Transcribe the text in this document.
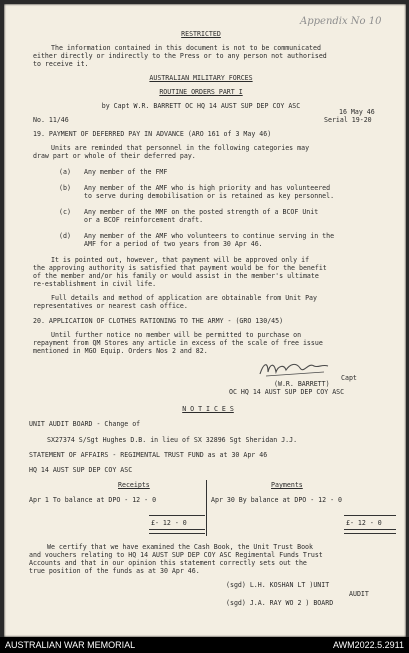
RESTRICTED
Appendix No 10
The information contained in this document is not to be communicated
either directly or indirectly to the Press or to any person not authorised
to receive it.
AUSTRALIAN MILITARY FORCES
ROUTINE ORDERS PART I
by Capt W.R. BARRETT OC HQ 14 AUST SUP DEP COY ASC
No. 11/46
16 May 46
Serial 19-20
19. PAYMENT OF DEFERRED PAY IN ADVANCE (ARO 161 of 3 May 46)
Units are reminded that personnel in the following categories may
draw part or whole of their deferred pay.
(a) Any member of the FMF
(b) Any member of the AMF who is high priority and has volunteered
to serve during demobilisation or is retained as key personnel.
(c) Any member of the MMF on the posted strength of a BCOF Unit
or a BCOF reinforcement draft.
(d) Any member of the AMF who volunteers to continue serving in the
AMF for a period of two years from 30 Apr 46.
It is pointed out, however, that payment will be approved only if
the approving authority is satisfied that payment would be for the benefit
of the member and/or his family or would assist in the member's ultimate
re-establishment in civil life.
Full details and method of application are obtainable from Unit Pay
representatives or nearest cash office.
20. APPLICATION OF CLOTHES RATIONING TO THE ARMY - (GRO 130/45)
Until further notice no member will be permitted to purchase on
repayment from QM Stores any article in excess of the scale of free issue
mentioned in MGO Equip. Orders Nos 2 and 82.
Capt
(W.R. BARRETT)
OC HQ 14 AUST SUP DEP COY ASC
N O T I C E S
UNIT AUDIT BOARD - Change of
SX27374 S/Sgt Hughes D.B. in lieu of SX 32896 Sgt Sheridan J.J.
STATEMENT OF AFFAIRS - REGIMENTAL TRUST FUND as at 30 Apr 46
HQ 14 AUST SUP DEP COY ASC
Receipts	Payments
Apr 1 To balance at DPO - 12 - 0	Apr 30 By balance at DPO - 12 - 0
£- 12 - 0	£- 12 - 0
We certify that we have examined the Cash Book, the Unit Trust Book
and vouchers relating to HQ 14 AUST SUP DEP COY ASC Regimental Funds Trust
Accounts and that in our opinion this statement correctly sets out the
true position of the funds as at 30 Apr 46.
(sgd) L.H. KOSHAN LT )UNIT
AUDIT
(sgd) J.A. RAY WO 2 ) BOARD
AUSTRALIAN WAR MEMORIAL	AWM2022.5.2911
